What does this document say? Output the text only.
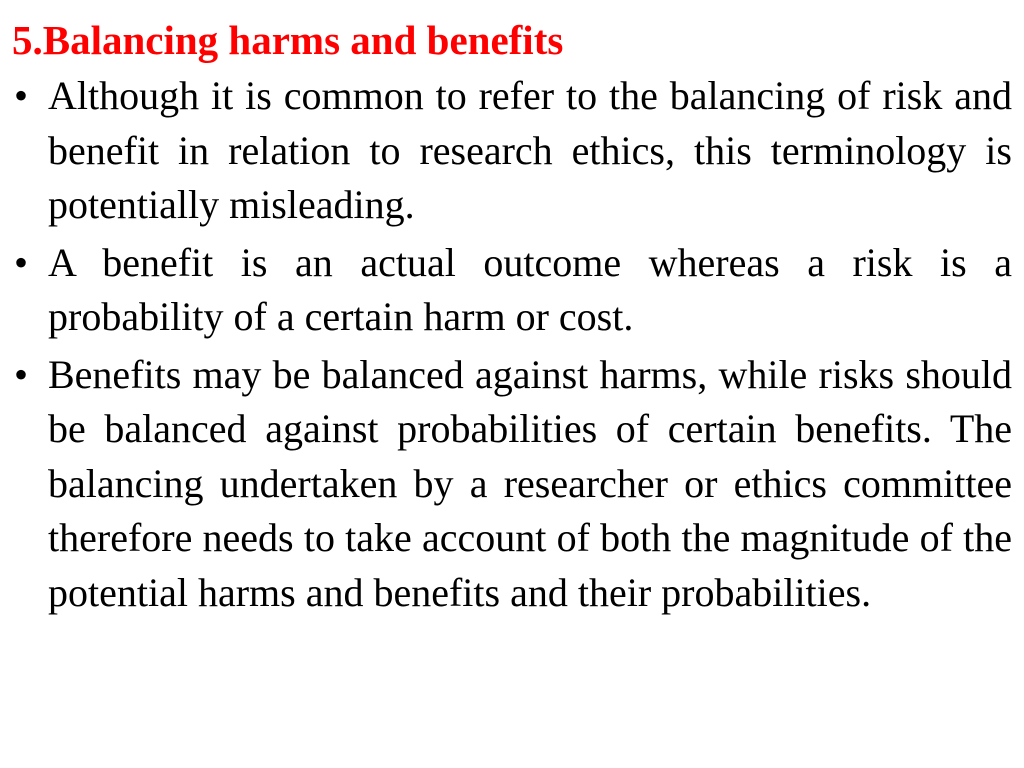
5.Balancing harms and benefits
• Although it is common to refer to the balancing of risk and benefit in relation to research ethics, this terminology is potentially misleading.
• A benefit is an actual outcome whereas a risk is a probability of a certain harm or cost.
• Benefits may be balanced against harms, while risks should be balanced against probabilities of certain benefits. The balancing undertaken by a researcher or ethics committee therefore needs to take account of both the magnitude of the potential harms and benefits and their probabilities.
